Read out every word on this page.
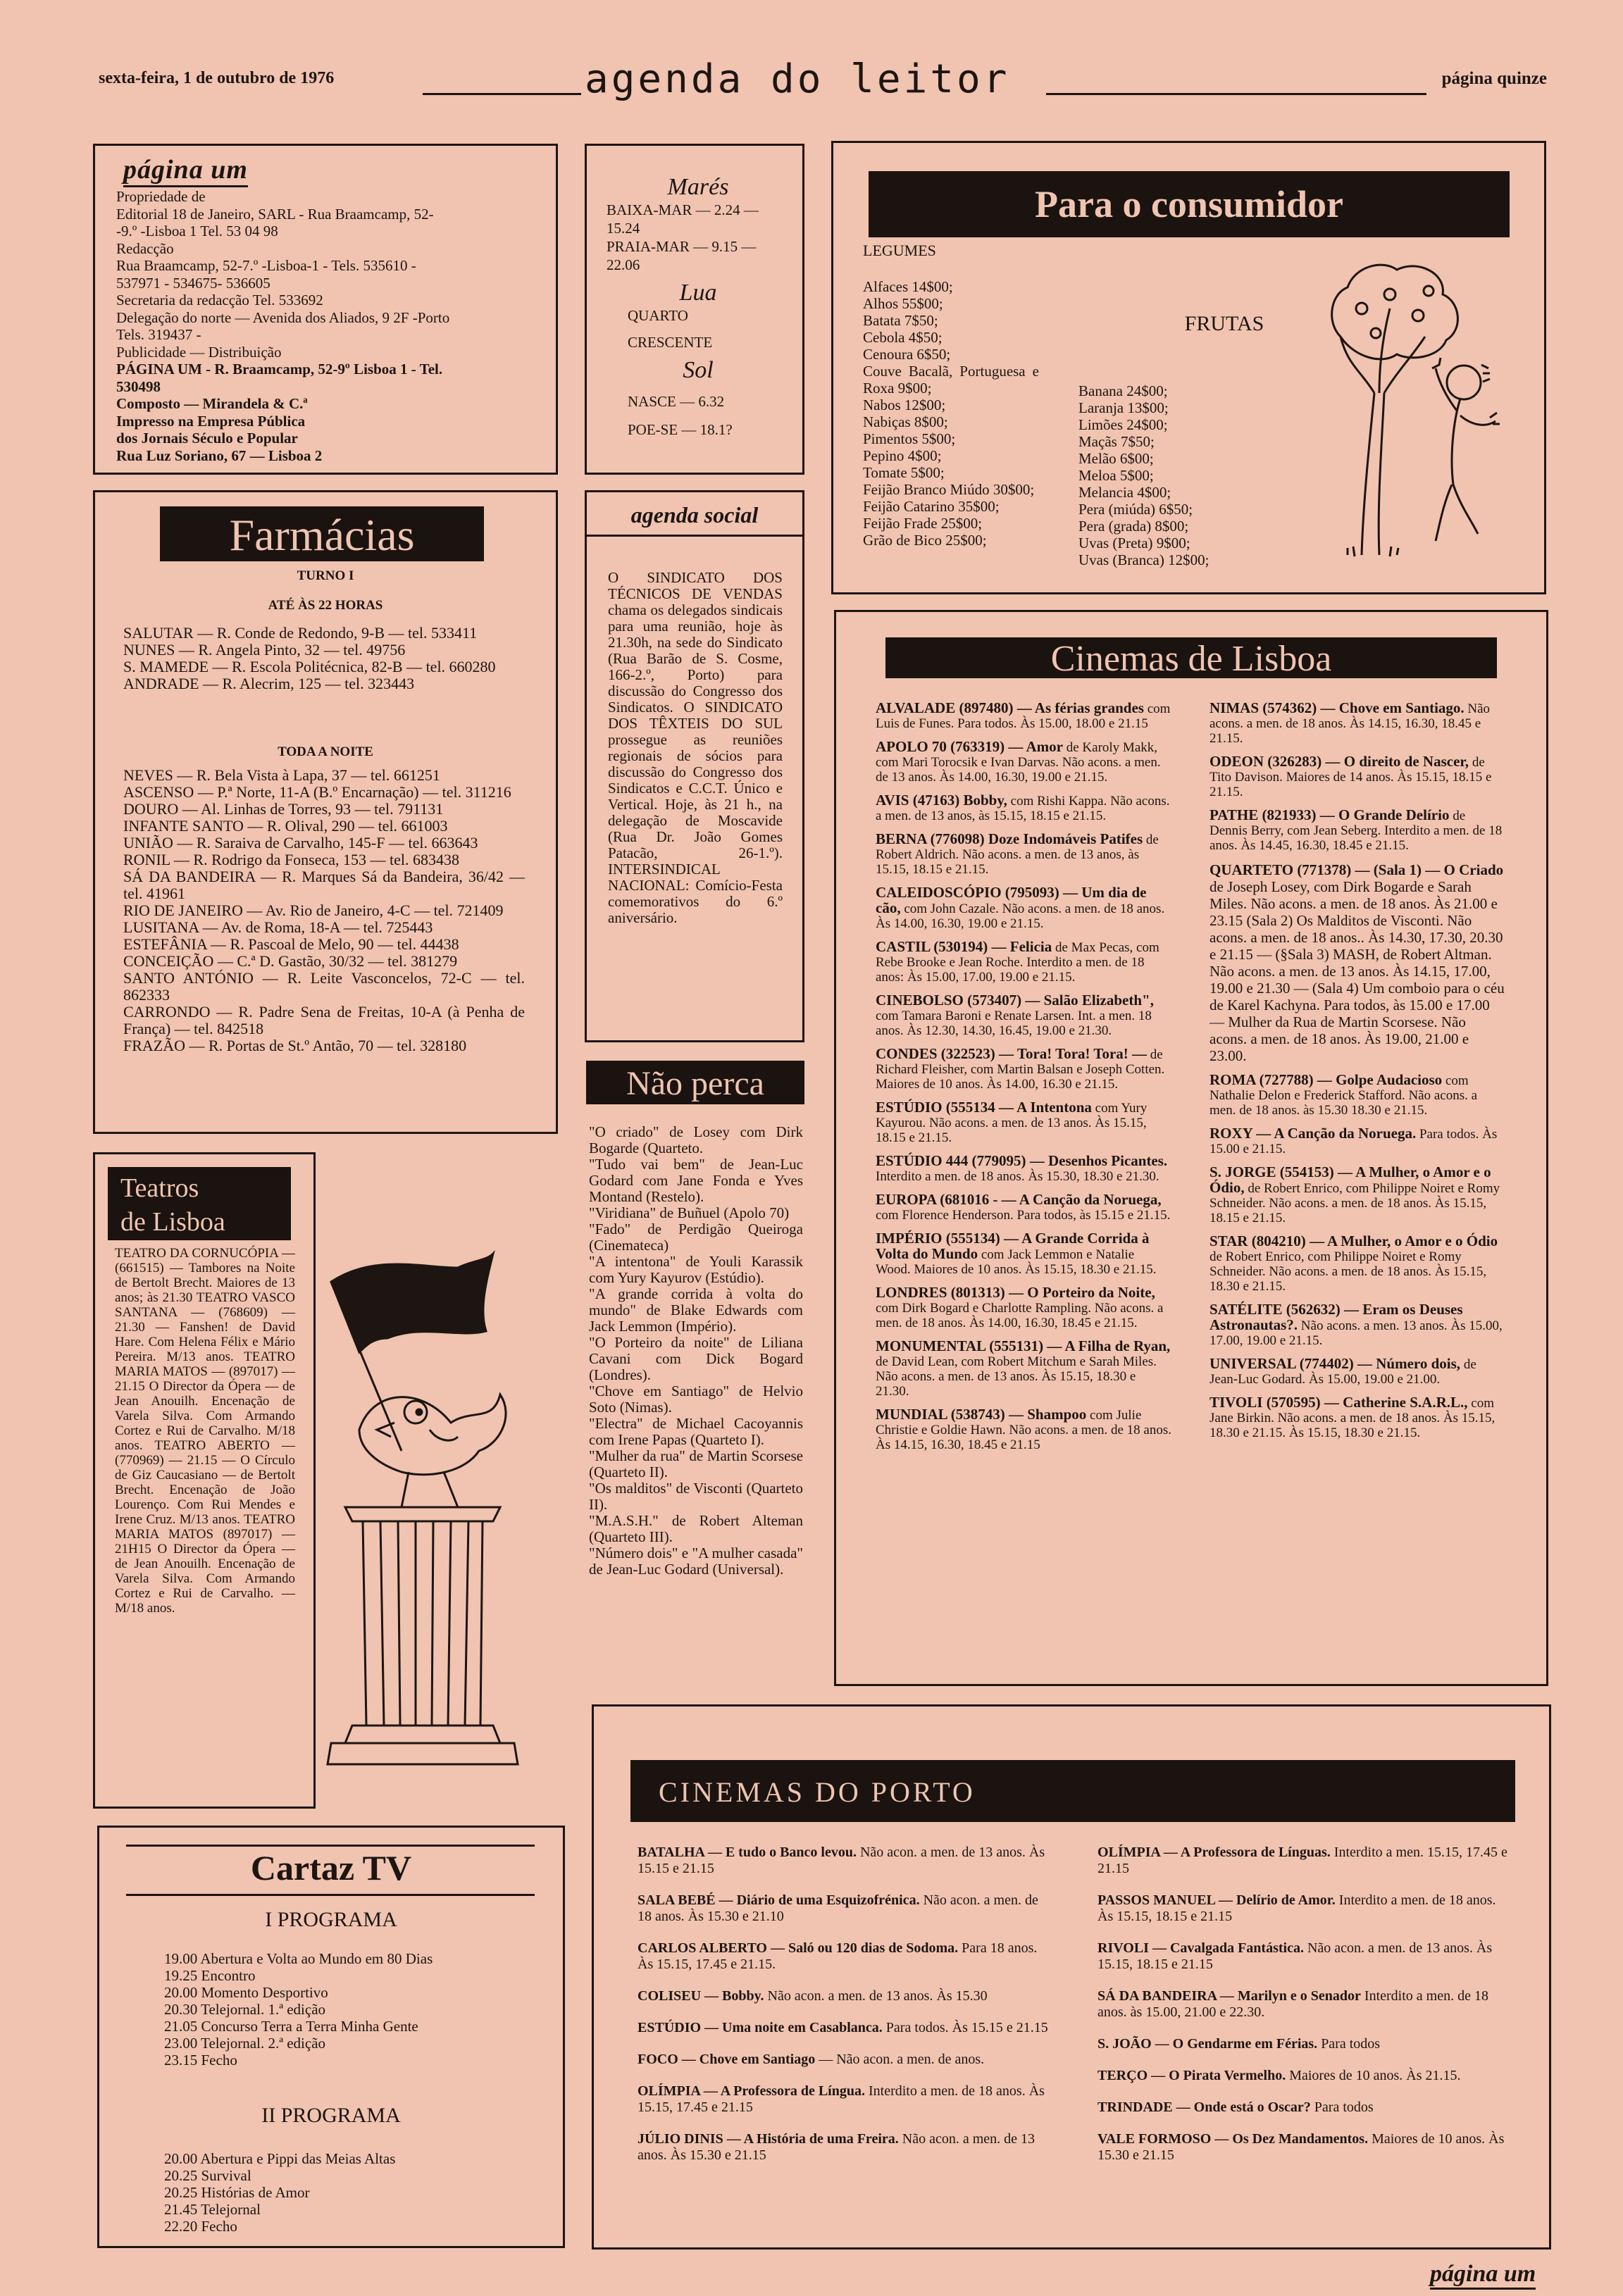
sexta-feira, 1 de outubro de 1976	agenda do leitor	página quinze
página um
Propriedade de
Editorial 18 de Janeiro, SARL - Rua Braamcamp, 52-
-9.º -Lisboa 1 Tel. 53 04 98
Redacção
Rua Braamcamp, 52-7.º -Lisboa-1 - Tels. 535610 -
537971 - 534675- 536605
Secretaria da redacção Tel. 533692
Delegação do norte — Avenida dos Aliados, 9 2F -Porto
Tels. 319437 -
Publicidade — Distribuição
PÁGINA UM - R. Braamcamp, 52-9º Lisboa 1 - Tel.
530498
Composto — Mirandela & C.ª
Impresso na Empresa Pública
dos Jornais Século e Popular
Rua Luz Soriano, 67 — Lisboa 2
Marés
BAIXA-MAR — 2.24 —
15.24
PRAIA-MAR — 9.15 —
22.06
Lua
QUARTO
CRESCENTE
Sol
NASCE — 6.32
POE-SE — 18.1?
agenda social
O SINDICATO DOS TÉCNICOS DE VENDAS chama os delegados sindicais para uma reunião, hoje às 21.30h, na sede do Sindicato (Rua Barão de S. Cosme, 166-2.º, Porto) para discussão do Congresso dos Sindicatos. O SINDICATO DOS TÊXTEIS DO SUL prossegue as reuniões regionais de sócios para discussão do Congresso dos Sindicatos e C.C.T. Único e Vertical. Hoje, às 21 h., na delegação de Moscavide (Rua Dr. João Gomes Patacão, 26-1.º). INTERSINDICAL NACIONAL: Comício-Festa comemorativos do 6.º aniversário.
Para o consumidor
LEGUMES
Alfaces 14$00;
Alhos 55$00;
Batata 7$50;
Cebola 4$50;
Cenoura 6$50;
Couve Bacalã, Portuguesa e Roxa 9$00;
Nabos 12$00;
Nabiças 8$00;
Pimentos 5$00;
Pepino 4$00;
Tomate 5$00;
Feijão Branco Miúdo 30$00;
Feijão Catarino 35$00;
Feijão Frade 25$00;
Grão de Bico 25$00;
FRUTAS
Banana 24$00;
Laranja 13$00;
Limões 24$00;
Maçãs 7$50;
Melão 6$00;
Meloa 5$00;
Melancia 4$00;
Pera (miúda) 6$50;
Pera (grada) 8$00;
Uvas (Preta) 9$00;
Uvas (Branca) 12$00;
Farmácias
TURNO I
ATÉ ÀS 22 HORAS
SALUTAR — R. Conde de Redondo, 9-B — tel. 533411
NUNES — R. Angela Pinto, 32 — tel. 49756
S. MAMEDE — R. Escola Politécnica, 82-B — tel. 660280
ANDRADE — R. Alecrim, 125 — tel. 323443
TODA A NOITE
NEVES — R. Bela Vista à Lapa, 37 — tel. 661251
ASCENSO — P.ª Norte, 11-A (B.º Encarnação) — tel. 311216
DOURO — Al. Linhas de Torres, 93 — tel. 791131
INFANTE SANTO — R. Olival, 290 — tel. 661003
UNIÃO — R. Saraiva de Carvalho, 145-F — tel. 663643
RONIL — R. Rodrigo da Fonseca, 153 — tel. 683438
SÁ DA BANDEIRA — R. Marques Sá da Bandeira, 36/42 — tel. 41961
RIO DE JANEIRO — Av. Rio de Janeiro, 4-C — tel. 721409
LUSITANA — Av. de Roma, 18-A — tel. 725443
ESTEFÂNIA — R. Pascoal de Melo, 90 — tel. 44438
CONCEIÇÃO — C.ª D. Gastão, 30/32 — tel. 381279
SANTO ANTÓNIO — R. Leite Vasconcelos, 72-C — tel. 862333
CARRONDO — R. Padre Sena de Freitas, 10-A (à Penha de França) — tel. 842518
FRAZÃO — R. Portas de St.º Antão, 70 — tel. 328180
Teatros
de Lisboa
TEATRO DA CORNUCÓPIA — (661515) — Tambores na Noite de Bertolt Brecht. Maiores de 13 anos; às 21.30 TEATRO VASCO SANTANA — (768609) — 21.30 — Fanshen! de David Hare. Com Helena Félix e Mário Pereira. M/13 anos. TEATRO MARIA MATOS — (897017) — 21.15 O Director da Ópera — de Jean Anouilh. Encenação de Varela Silva. Com Armando Cortez e Rui de Carvalho. M/18 anos. TEATRO ABERTO — (770969) — 21.15 — O Círculo de Giz Caucasiano — de Bertolt Brecht. Encenação de João Lourenço. Com Rui Mendes e Irene Cruz. M/13 anos. TEATRO MARIA MATOS (897017) — 21H15 O Director da Ópera — de Jean Anouilh. Encenação de Varela Silva. Com Armando Cortez e Rui de Carvalho. — M/18 anos.
Não perca

"O criado" de Losey com Dirk Bogarde (Quarteto.

"Tudo vai bem" de Jean-Luc Godard com Jane Fonda e Yves Montand (Restelo).

"Viridiana" de Buñuel (Apolo 70)

"Fado" de Perdigão Queiroga (Cinemateca)

"A intentona" de Youli Karassik com Yury Kayurov (Estúdio).

"A grande corrida à volta do mundo" de Blake Edwards com Jack Lemmon (Império).

"O Porteiro da noite" de Liliana Cavani com Dick Bogard (Londres).

"Chove em Santiago" de Helvio Soto (Nimas).

"Electra" de Michael Cacoyannis com Irene Papas (Quarteto I).

"Mulher da rua" de Martin Scorsese (Quarteto II).

"Os malditos" de Visconti (Quarteto II).

"M.A.S.H." de Robert Alteman (Quarteto III).

"Número dois" e "A mulher casada" de Jean-Luc Godard (Universal).

Cinemas de Lisboa

ALVALADE (897480) — As férias grandes com Luis de Funes. Para todos. Às 15.00, 18.00 e 21.15

APOLO 70 (763319) — Amor de Karoly Makk, com Mari Torocsik e Ivan Darvas. Não acons. a men. de 13 anos. Às 14.00, 16.30, 19.00 e 21.15.

AVIS (47163) Bobby, com Rishi Kappa. Não acons. a men. de 13 anos, às 15.15, 18.15 e 21.15.

BERNA (776098) Doze Indomáveis Patifes de Robert Aldrich. Não acons. a men. de 13 anos, às 15.15, 18.15 e 21.15.

CALEIDOSCÓPIO (795093) — Um dia de cão, com John Cazale. Não acons. a men. de 18 anos. Às 14.00, 16.30, 19.00 e 21.15.

CASTIL (530194) — Felicia de Max Pecas, com Rebe Brooke e Jean Roche. Interdito a men. de 18 anos: Às 15.00, 17.00, 19.00 e 21.15.

CINEBOLSO (573407) — Salão Elizabeth", com Tamara Baroni e Renate Larsen. Int. a men. 18 anos. Às 12.30, 14.30, 16.45, 19.00 e 21.30.

CONDES (322523) — Tora! Tora! Tora! — de Richard Fleisher, com Martin Balsan e Joseph Cotten. Maiores de 10 anos. Às 14.00, 16.30 e 21.15.

ESTÚDIO (555134 — A Intentona com Yury Kayurou. Não acons. a men. de 13 anos. Às 15.15, 18.15 e 21.15.

ESTÚDIO 444 (779095) — Desenhos Picantes. Interdito a men. de 18 anos. Às 15.30, 18.30 e 21.30.

EUROPA (681016 - — A Canção da Noruega, com Florence Henderson. Para todos, às 15.15 e 21.15.

IMPÉRIO (555134) — A Grande Corrida à Volta do Mundo com Jack Lemmon e Natalie Wood. Maiores de 10 anos. Às 15.15, 18.30 e 21.15.

LONDRES (801313) — O Porteiro da Noite, com Dirk Bogard e Charlotte Rampling. Não acons. a men. de 18 anos. Às 14.00, 16.30, 18.45 e 21.15.

MONUMENTAL (555131) — A Filha de Ryan, de David Lean, com Robert Mitchum e Sarah Miles. Não acons. a men. de 13 anos. Às 15.15, 18.30 e 21.30.

MUNDIAL (538743) — Shampoo com Julie Christie e Goldie Hawn. Não acons. a men. de 18 anos. Às 14.15, 16.30, 18.45 e 21.15

NIMAS (574362) — Chove em Santiago. Não acons. a men. de 18 anos. Às 14.15, 16.30, 18.45 e 21.15.

ODEON (326283) — O direito de Nascer, de Tito Davison. Maiores de 14 anos. Às 15.15, 18.15 e 21.15.

PATHE (821933) — O Grande Delírio de Dennis Berry, com Jean Seberg. Interdito a men. de 18 anos. Às 14.45, 16.30, 18.45 e 21.15.

QUARTETO (771378) — (Sala 1) — O Criado de Joseph Losey, com Dirk Bogarde e Sarah Miles. Não acons. a men. de 18 anos. Às 21.00 e 23.15 (Sala 2) Os Malditos de Visconti. Não acons. a men. de 18 anos.. Às 14.30, 17.30, 20.30 e 21.15 — (§Sala 3) MASH, de Robert Altman. Não acons. a men. de 13 anos. Às 14.15, 17.00, 19.00 e 21.30 — (Sala 4) Um comboio para o céu de Karel Kachyna. Para todos, às 15.00 e 17.00 — Mulher da Rua de Martin Scorsese. Não acons. a men. de 18 anos. Às 19.00, 21.00 e 23.00.

ROMA (727788) — Golpe Audacioso com Nathalie Delon e Frederick Stafford. Não acons. a men. de 18 anos. às 15.30 18.30 e 21.15.

ROXY — A Canção da Noruega. Para todos. Às 15.00 e 21.15.

S. JORGE (554153) — A Mulher, o Amor e o Ódio, de Robert Enrico, com Philippe Noiret e Romy Schneider. Não acons. a men. de 18 anos. Às 15.15, 18.15 e 21.15.

STAR (804210) — A Mulher, o Amor e o Ódio de Robert Enrico, com Philippe Noiret e Romy Schneider. Não acons. a men. de 18 anos. Às 15.15, 18.30 e 21.15.

SATÉLITE (562632) — Eram os Deuses Astronautas?. Não acons. a men. 13 anos. Às 15.00, 17.00, 19.00 e 21.15.

UNIVERSAL (774402) — Número dois, de Jean-Luc Godard. Às 15.00, 19.00 e 21.00.

TIVOLI (570595) — Catherine S.A.R.L., com Jane Birkin. Não acons. a men. de 18 anos. Às 15.15, 18.30 e 21.15. Às 15.15, 18.30 e 21.15.

Cartaz TV
I PROGRAMA
19.00 Abertura e Volta ao Mundo em 80 Dias
19.25 Encontro
20.00 Momento Desportivo
20.30 Telejornal. 1.ª edição
21.05 Concurso Terra a Terra Minha Gente
23.00 Telejornal. 2.ª edição
23.15 Fecho
II PROGRAMA
20.00 Abertura e Pippi das Meias Altas
20.25 Survival
20.25 Histórias de Amor
21.45 Telejornal
22.20 Fecho
CINEMAS DO PORTO
BATALHA — E tudo o Banco levou. Não acon. a men. de 13 anos. Às 15.15 e 21.15
SALA BEBÉ — Diário de uma Esquizofrénica. Não acon. a men. de 18 anos. Às 15.30 e 21.10
CARLOS ALBERTO — Saló ou 120 dias de Sodoma. Para 18 anos. Às 15.15, 17.45 e 21.15.
COLISEU — Bobby. Não acon. a men. de 13 anos. Às 15.30
ESTÚDIO — Uma noite em Casablanca. Para todos. Às 15.15 e 21.15
FOCO — Chove em Santiago — Não acon. a men. de anos.
OLÍMPIA — A Professora de Língua. Interdito a men. de 18 anos. Às 15.15, 17.45 e 21.15
JÚLIO DINIS — A História de uma Freira. Não acon. a men. de 13 anos. Às 15.30 e 21.15
OLÍMPIA — A Professora de Línguas. Interdito a men. 15.15, 17.45 e 21.15
PASSOS MANUEL — Delírio de Amor. Interdito a men. de 18 anos. Às 15.15, 18.15 e 21.15
RIVOLI — Cavalgada Fantástica. Não acon. a men. de 13 anos. Às 15.15, 18.15 e 21.15
SÁ DA BANDEIRA — Marilyn e o Senador Interdito a men. de 18 anos. às 15.00, 21.00 e 22.30.
S. JOÃO — O Gendarme em Férias. Para todos
TERÇO — O Pirata Vermelho. Maiores de 10 anos. Às 21.15.
TRINDADE — Onde está o Oscar? Para todos
VALE FORMOSO — Os Dez Mandamentos. Maiores de 10 anos. Às 15.30 e 21.15
página um
